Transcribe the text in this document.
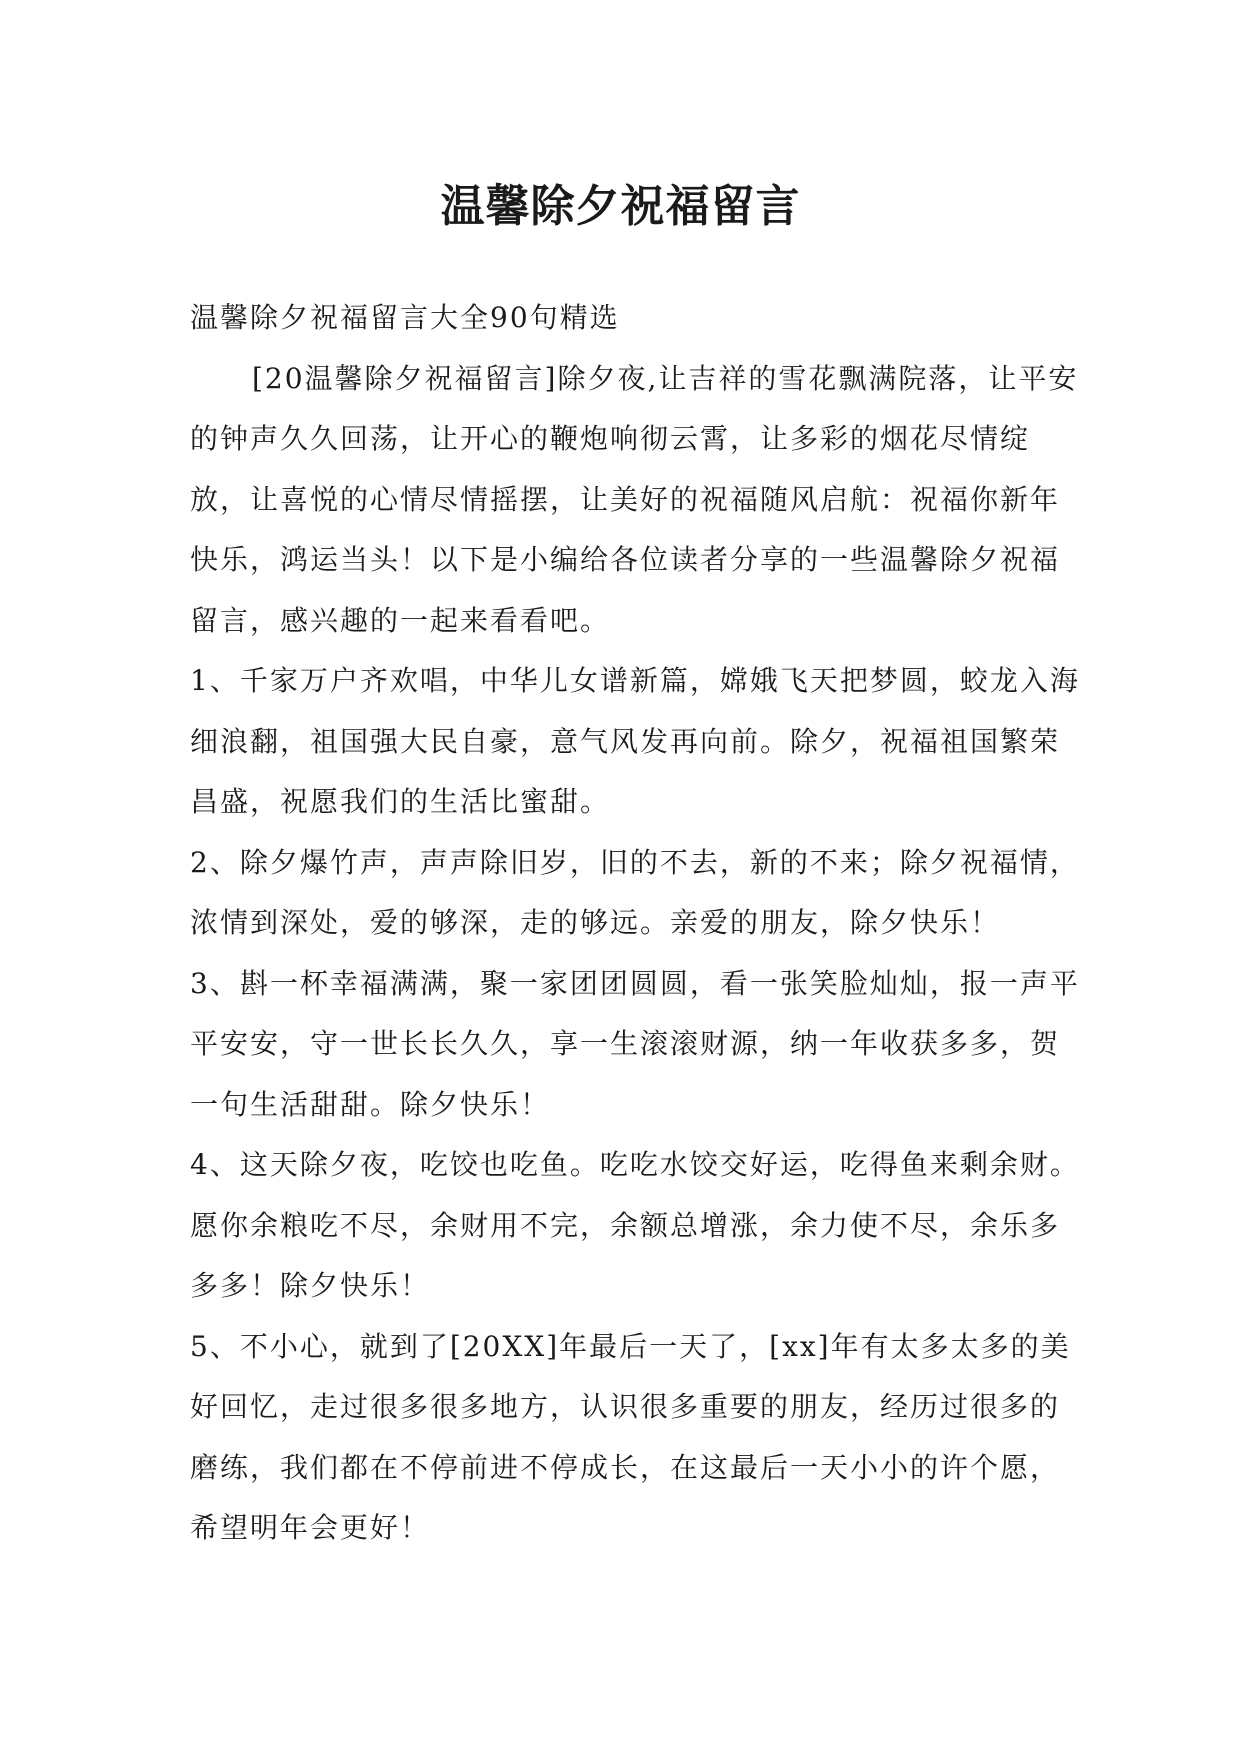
温馨除夕祝福留言

温馨除夕祝福留言大全90句精选

[20温馨除夕祝福留言]除夕夜,让吉祥的雪花飘满院落，让平安的钟声久久回荡，让开心的鞭炮响彻云霄，让多彩的烟花尽情绽放，让喜悦的心情尽情摇摆，让美好的祝福随风启航：祝福你新年快乐，鸿运当头！以下是小编给各位读者分享的一些温馨除夕祝福留言，感兴趣的一起来看看吧。

1、千家万户齐欢唱，中华儿女谱新篇，嫦娥飞天把梦圆，蛟龙入海细浪翻，祖国强大民自豪，意气风发再向前。除夕，祝福祖国繁荣昌盛，祝愿我们的生活比蜜甜。

2、除夕爆竹声，声声除旧岁，旧的不去，新的不来；除夕祝福情，浓情到深处，爱的够深，走的够远。亲爱的朋友，除夕快乐！

3、斟一杯幸福满满，聚一家团团圆圆，看一张笑脸灿灿，报一声平平安安，守一世长长久久，享一生滚滚财源，纳一年收获多多，贺一句生活甜甜。除夕快乐！

4、这天除夕夜，吃饺也吃鱼。吃吃水饺交好运，吃得鱼来剩余财。愿你余粮吃不尽，余财用不完，余额总增涨，余力使不尽，余乐多多多！除夕快乐！

5、不小心，就到了[20XX]年最后一天了，[xx]年有太多太多的美好回忆，走过很多很多地方，认识很多重要的朋友，经历过很多的磨练，我们都在不停前进不停成长，在这最后一天小小的许个愿，希望明年会更好！
